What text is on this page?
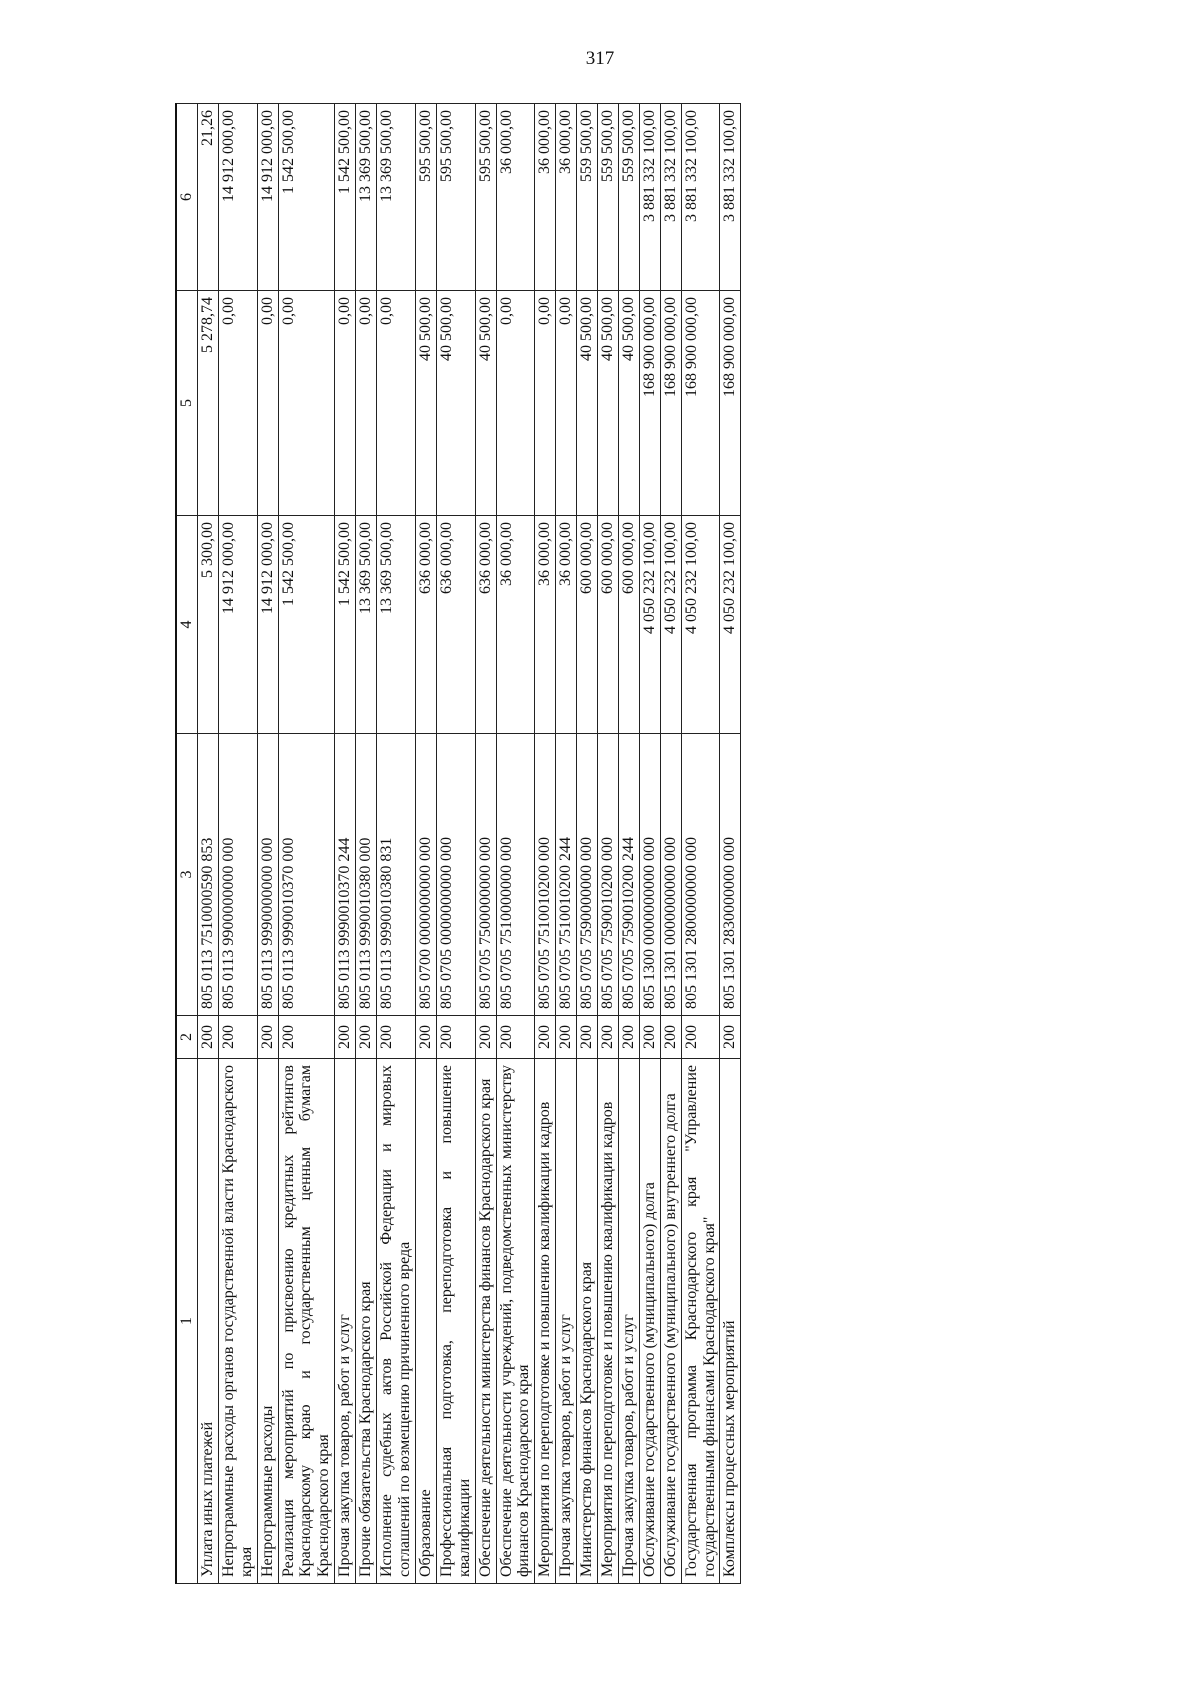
317
1	2	3	4	5	6
Уплата иных платежей	200	805 0113 7510000590 853	5 300,00	5 278,74	21,26
Непрограммные расходы органов государственной власти Краснодарского края	200	805 0113 9900000000 000	14 912 000,00	0,00	14 912 000,00
Непрограммные расходы	200	805 0113 9990000000 000	14 912 000,00	0,00	14 912 000,00
Реализация мероприятий по присвоению кредитных рейтингов Краснодарскому краю и государственным ценным бумагам Краснодарского края	200	805 0113 9990010370 000	1 542 500,00	0,00	1 542 500,00
Прочая закупка товаров, работ и услуг	200	805 0113 9990010370 244	1 542 500,00	0,00	1 542 500,00
Прочие обязательства Краснодарского края	200	805 0113 9990010380 000	13 369 500,00	0,00	13 369 500,00
Исполнение судебных актов Российской Федерации и мировых соглашений по возмещению причиненного вреда	200	805 0113 9990010380 831	13 369 500,00	0,00	13 369 500,00
Образование	200	805 0700 0000000000 000	636 000,00	40 500,00	595 500,00
Профессиональная подготовка, переподготовка и повышение квалификации	200	805 0705 0000000000 000	636 000,00	40 500,00	595 500,00
Обеспечение деятельности министерства финансов Краснодарского края	200	805 0705 7500000000 000	636 000,00	40 500,00	595 500,00
Обеспечение деятельности учреждений, подведомственных министерству финансов Краснодарского края	200	805 0705 7510000000 000	36 000,00	0,00	36 000,00
Мероприятия по переподготовке и повышению квалификации кадров	200	805 0705 7510010200 000	36 000,00	0,00	36 000,00
Прочая закупка товаров, работ и услуг	200	805 0705 7510010200 244	36 000,00	0,00	36 000,00
Министерство финансов Краснодарского края	200	805 0705 7590000000 000	600 000,00	40 500,00	559 500,00
Мероприятия по переподготовке и повышению квалификации кадров	200	805 0705 7590010200 000	600 000,00	40 500,00	559 500,00
Прочая закупка товаров, работ и услуг	200	805 0705 7590010200 244	600 000,00	40 500,00	559 500,00
Обслуживание государственного (муниципального) долга	200	805 1300 0000000000 000	4 050 232 100,00	168 900 000,00	3 881 332 100,00
Обслуживание государственного (муниципального) внутреннего долга	200	805 1301 0000000000 000	4 050 232 100,00	168 900 000,00	3 881 332 100,00
Государственная программа Краснодарского края "Управление государственными финансами Краснодарского края"	200	805 1301 2800000000 000	4 050 232 100,00	168 900 000,00	3 881 332 100,00
Комплексы процессных мероприятий	200	805 1301 2830000000 000	4 050 232 100,00	168 900 000,00	3 881 332 100,00
